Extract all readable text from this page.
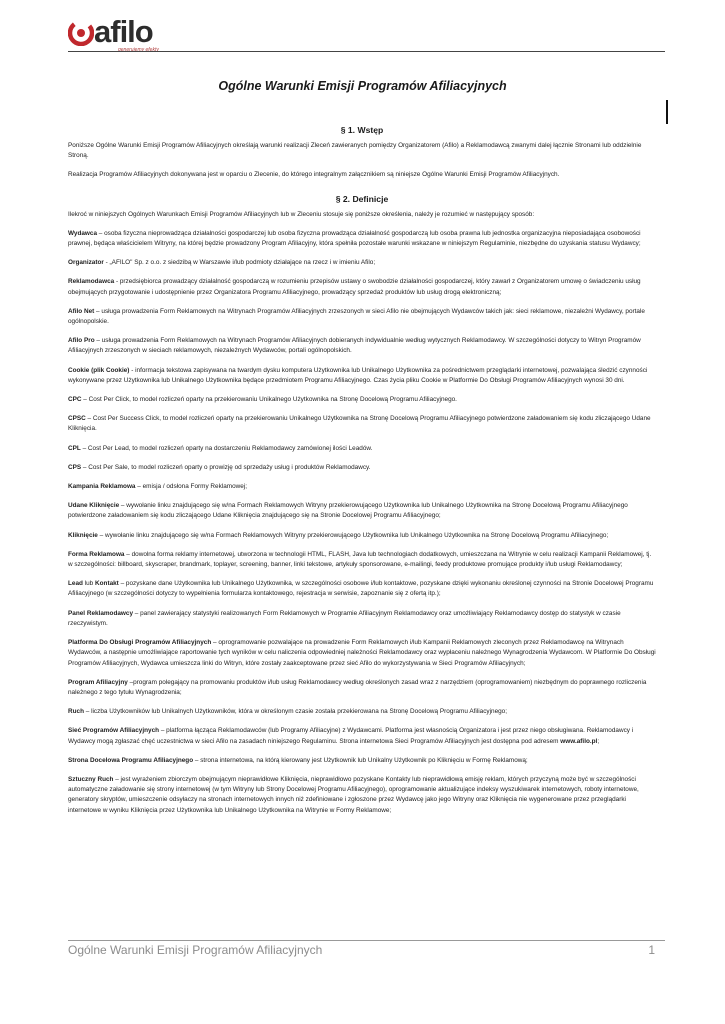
afilo
generujemy efekty
Ogólne Warunki Emisji Programów Afiliacyjnych
§ 1. Wstęp

Poniższe Ogólne Warunki Emisji Programów Afiliacyjnych określają warunki realizacji Zleceń zawieranych pomiędzy Organizatorem (Afilo) a Reklamodawcą zwanymi dalej łącznie Stronami lub oddzielnie Stroną.

Realizacja Programów Afiliacyjnych dokonywana jest w oparciu o Zlecenie, do którego integralnym załącznikiem są niniejsze Ogólne Warunki Emisji Programów Afiliacyjnych.

§ 2. Definicje

Ilekroć w niniejszych Ogólnych Warunkach Emisji Programów Afiliacyjnych lub w Zleceniu stosuje się poniższe określenia, należy je rozumieć w następujący sposób:

Wydawca – osoba fizyczna nieprowadząca działalności gospodarczej lub osoba fizyczna prowadząca działalność gospodarczą lub osoba prawna lub jednostka organizacyjna nieposiadająca osobowości prawnej, będąca właścicielem Witryny, na której będzie prowadzony Program Afiliacyjny, która spełniła pozostałe warunki wskazane w niniejszym Regulaminie, niezbędne do uzyskania statusu Wydawcy;

Organizator - „AFILO" Sp. z o.o. z siedzibą w Warszawie i/lub podmioty działające na rzecz i w imieniu Afilo;

Reklamodawca - przedsiębiorca prowadzący działalność gospodarczą w rozumieniu przepisów ustawy o swobodzie działalności gospodarczej, który zawarł z Organizatorem umowę o świadczeniu usług obejmujących przygotowanie i udostępnienie przez Organizatora Programu Afiliacyjnego, prowadzący sprzedaż produktów lub usług drogą elektroniczną;

Afilo Net – usługa prowadzenia Form Reklamowych na Witrynach Programów Afiliacyjnych zrzeszonych w sieci Afilo nie obejmujących Wydawców takich jak: sieci reklamowe, niezależni Wydawcy, portale ogólnopolskie.

Afilo Pro – usługa prowadzenia Form Reklamowych na Witrynach Programów Afiliacyjnych dobieranych indywidualnie według wytycznych Reklamodawcy. W szczególności dotyczy to Witryn Programów Afiliacyjnych zrzeszonych w sieciach reklamowych, niezależnych Wydawców, portali ogólnopolskich.

Cookie (plik Cookie) - informacja tekstowa zapisywana na twardym dysku komputera Użytkownika lub Unikalnego Użytkownika za pośrednictwem przeglądarki internetowej, pozwalająca śledzić czynności wykonywane przez Użytkownika lub Unikalnego Użytkownika będące przedmiotem Programu Afiliacyjnego. Czas życia pliku Cookie w Platformie Do Obsługi Programów Afiliacyjnych wynosi 30 dni.

CPC – Cost Per Click, to model rozliczeń oparty na przekierowaniu Unikalnego Użytkownika na Stronę Docelową Programu Afiliacyjnego.

CPSC – Cost Per Success Click, to model rozliczeń oparty na przekierowaniu Unikalnego Użytkownika na Stronę Docelową Programu Afiliacyjnego potwierdzone załadowaniem się kodu zliczającego Udane Kliknięcia.

CPL – Cost Per Lead, to model rozliczeń oparty na dostarczeniu Reklamodawcy zamówionej ilości Leadów.

CPS – Cost Per Sale, to model rozliczeń oparty o prowizję od sprzedaży usług i produktów Reklamodawcy.

Kampania Reklamowa – emisja / odsłona Formy Reklamowej;

Udane Kliknięcie – wywołanie linku znajdującego się w/na Formach Reklamowych Witryny przekierowującego Użytkownika lub Unikalnego Użytkownika na Stronę Docelową Programu Afiliacyjnego potwierdzone załadowaniem się kodu zliczającego Udane Kliknięcia znajdującego się na Stronie Docelowej Programu Afiliacyjnego;

Kliknięcie – wywołanie linku znajdującego się w/na Formach Reklamowych Witryny przekierowującego Użytkownika lub Unikalnego Użytkownika na Stronę Docelową Programu Afiliacyjnego;

Forma Reklamowa – dowolna forma reklamy internetowej, utworzona w technologii HTML, FLASH, Java lub technologiach dodatkowych, umieszczana na Witrynie w celu realizacji Kampanii Reklamowej, tj. w szczególności: billboard, skyscraper, brandmark, toplayer, screening, banner, linki tekstowe, artykuły sponsorowane, e-mailingi, feedy produktowe promujące produkty i/lub usługi Reklamodawcy;

Lead lub Kontakt – pozyskane dane Użytkownika lub Unikalnego Użytkownika, w szczególności osobowe i/lub kontaktowe, pozyskane dzięki wykonaniu określonej czynności na Stronie Docelowej Programu Afiliacyjnego (w szczególności dotyczy to wypełnienia formularza kontaktowego, rejestracja w serwisie, zapoznanie się z ofertą itp.);

Panel Reklamodawcy – panel zawierający statystyki realizowanych Form Reklamowych w Programie Afiliacyjnym Reklamodawcy oraz umożliwiający Reklamodawcy dostęp do statystyk w czasie rzeczywistym.

Platforma Do Obsługi Programów Afiliacyjnych – oprogramowanie pozwalające na prowadzenie Form Reklamowych i/lub Kampanii Reklamowych zleconych przez Reklamodawcę na Witrynach Wydawców, a następnie umożliwiające raportowanie tych wyników w celu naliczenia odpowiedniej należności Reklamodawcy oraz wypłaceniu należnego Wynagrodzenia Wydawcom. W Platformie Do Obsługi Programów Afiliacyjnych, Wydawca umieszcza linki do Witryn, które zostały zaakceptowane przez sieć Afilo do wykorzystywania w Sieci Programów Afiliacyjnych;

Program Afiliacyjny –program polegający na promowaniu produktów i/lub usług Reklamodawcy według określonych zasad wraz z narzędziem (oprogramowaniem) niezbędnym do poprawnego rozliczenia należnego z tego tytułu Wynagrodzenia;

Ruch – liczba Użytkowników lub Unikalnych Użytkowników, która w określonym czasie została przekierowana na Stronę Docelową Programu Afiliacyjnego;

Sieć Programów Afiliacyjnych – platforma łącząca Reklamodawców (lub Programy Afiliacyjne) z Wydawcami. Platforma jest własnością Organizatora i jest przez niego obsługiwana. Reklamodawcy i Wydawcy mogą zgłaszać chęć uczestnictwa w sieci Afilo na zasadach niniejszego Regulaminu. Strona internetowa Sieci Programów Afiliacyjnych jest dostępna pod adresem www.afilo.pl;

Strona Docelowa Programu Afiliacyjnego – strona internetowa, na którą kierowany jest Użytkownik lub Unikalny Użytkownik po Kliknięciu w Formę Reklamową;

Sztuczny Ruch – jest wyrażeniem zbiorczym obejmującym nieprawidłowe Kliknięcia, nieprawidłowo pozyskane Kontakty lub nieprawidłową emisję reklam, których przyczyną może być w szczególności automatyczne załadowanie się strony internetowej (w tym Witryny lub Strony Docelowej Programu Afiliacyjnego), oprogramowanie aktualizujące indeksy wyszukiwarek internetowych, roboty internetowe, generatory skryptów, umieszczenie odsyłaczy na stronach internetowych innych niż zdefiniowane i zgłoszone przez Wydawcę jako jego Witryny oraz Kliknięcia nie wygenerowane przez przeglądarki internetowe w wyniku Kliknięcia przez Użytkownika lub Unikalnego Użytkownika na Witrynie w Formy Reklamowe;

Ogólne Warunki Emisji Programów Afiliacyjnych	1
